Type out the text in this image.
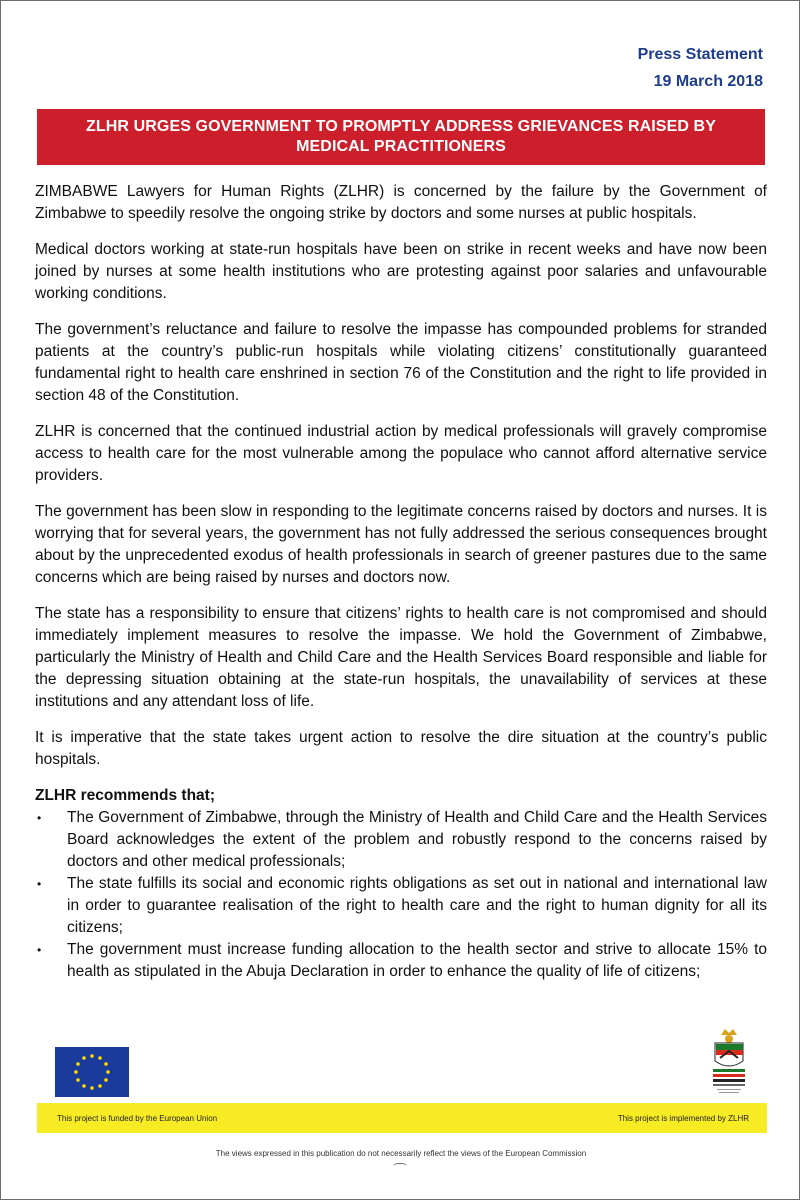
Press Statement
19 March 2018
ZLHR URGES GOVERNMENT TO PROMPTLY ADDRESS GRIEVANCES RAISED BY MEDICAL PRACTITIONERS

ZIMBABWE Lawyers for Human Rights (ZLHR) is concerned by the failure by the Government of Zimbabwe to speedily resolve the ongoing strike by doctors and some nurses at public hospitals.

Medical doctors working at state-run hospitals have been on strike in recent weeks and have now been joined by nurses at some health institutions who are protesting against poor salaries and unfavourable working conditions.

The government’s reluctance and failure to resolve the impasse has compounded problems for stranded patients at the country’s public-run hospitals while violating citizens’ constitutionally guaranteed fundamental right to health care enshrined in section 76 of the Constitution and the right to life provided in section 48 of the Constitution.

ZLHR is concerned that the continued industrial action by medical professionals will gravely compromise access to health care for the most vulnerable among the populace who cannot afford alternative service providers.

The government has been slow in responding to the legitimate concerns raised by doctors and nurses. It is worrying that for several years, the government has not fully addressed the serious consequences brought about by the unprecedented exodus of health professionals in search of greener pastures due to the same concerns which are being raised by nurses and doctors now.

The state has a responsibility to ensure that citizens’ rights to health care is not compromised and should immediately implement measures to resolve the impasse. We hold the Government of Zimbabwe, particularly the Ministry of Health and Child Care and the Health Services Board responsible and liable for the depressing situation obtaining at the state-run hospitals, the unavailability of services at these institutions and any attendant loss of life.

It is imperative that the state takes urgent action to resolve the dire situation at the country’s public hospitals.

ZLHR recommends that;
• The Government of Zimbabwe, through the Ministry of Health and Child Care and the Health Services Board acknowledges the extent of the problem and robustly respond to the concerns raised by doctors and other medical professionals;
• The state fulfills its social and economic rights obligations as set out in national and international law in order to guarantee realisation of the right to health care and the right to human dignity for all its citizens;
• The government must increase funding allocation to the health sector and strive to allocate 15% to health as stipulated in the Abuja Declaration in order to enhance the quality of life of citizens;
This project is funded by the European Union	This project is implemented by ZLHR
The views expressed in this publication do not necessarily reflect the views of the European Commission
